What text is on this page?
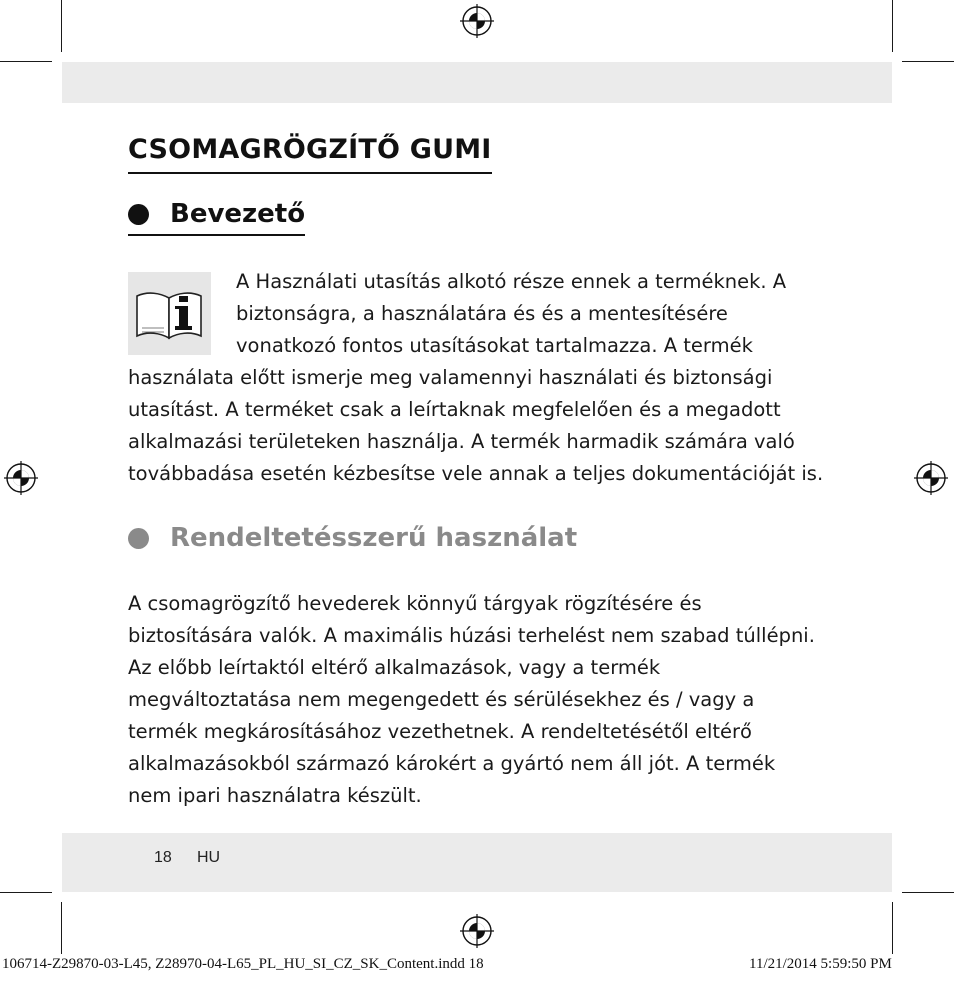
CSOMAGRÖGZÍTŐ GUMI
Bevezető
A Használati utasítás alkotó része ennek a terméknek. A
biztonságra, a használatára és és a mentesítésére
vonatkozó fontos utasításokat tartalmazza. A termék
használata előtt ismerje meg valamennyi használati és biztonsági
utasítást. A terméket csak a leírtaknak megfelelően és a megadott
alkalmazási területeken használja. A termék harmadik számára való
továbbadása esetén kézbesítse vele annak a teljes dokumentációját is.
Rendeltetésszerű használat
A csomagrögzítő hevederek könnyű tárgyak rögzítésére és
biztosítására valók. A maximális húzási terhelést nem szabad túllépni.
Az előbb leírtaktól eltérő alkalmazások, vagy a termék
megváltoztatása nem megengedett és sérülésekhez és / vagy a
termék megkárosításához vezethetnek. A rendeltetésétől eltérő
alkalmazásokból származó károkért a gyártó nem áll jót. A termék
nem ipari használatra készült.
18 HU
106714-Z29870-03-L45, Z28970-04-L65_PL_HU_SI_CZ_SK_Content.indd 18	11/21/2014 5:59:50 PM
